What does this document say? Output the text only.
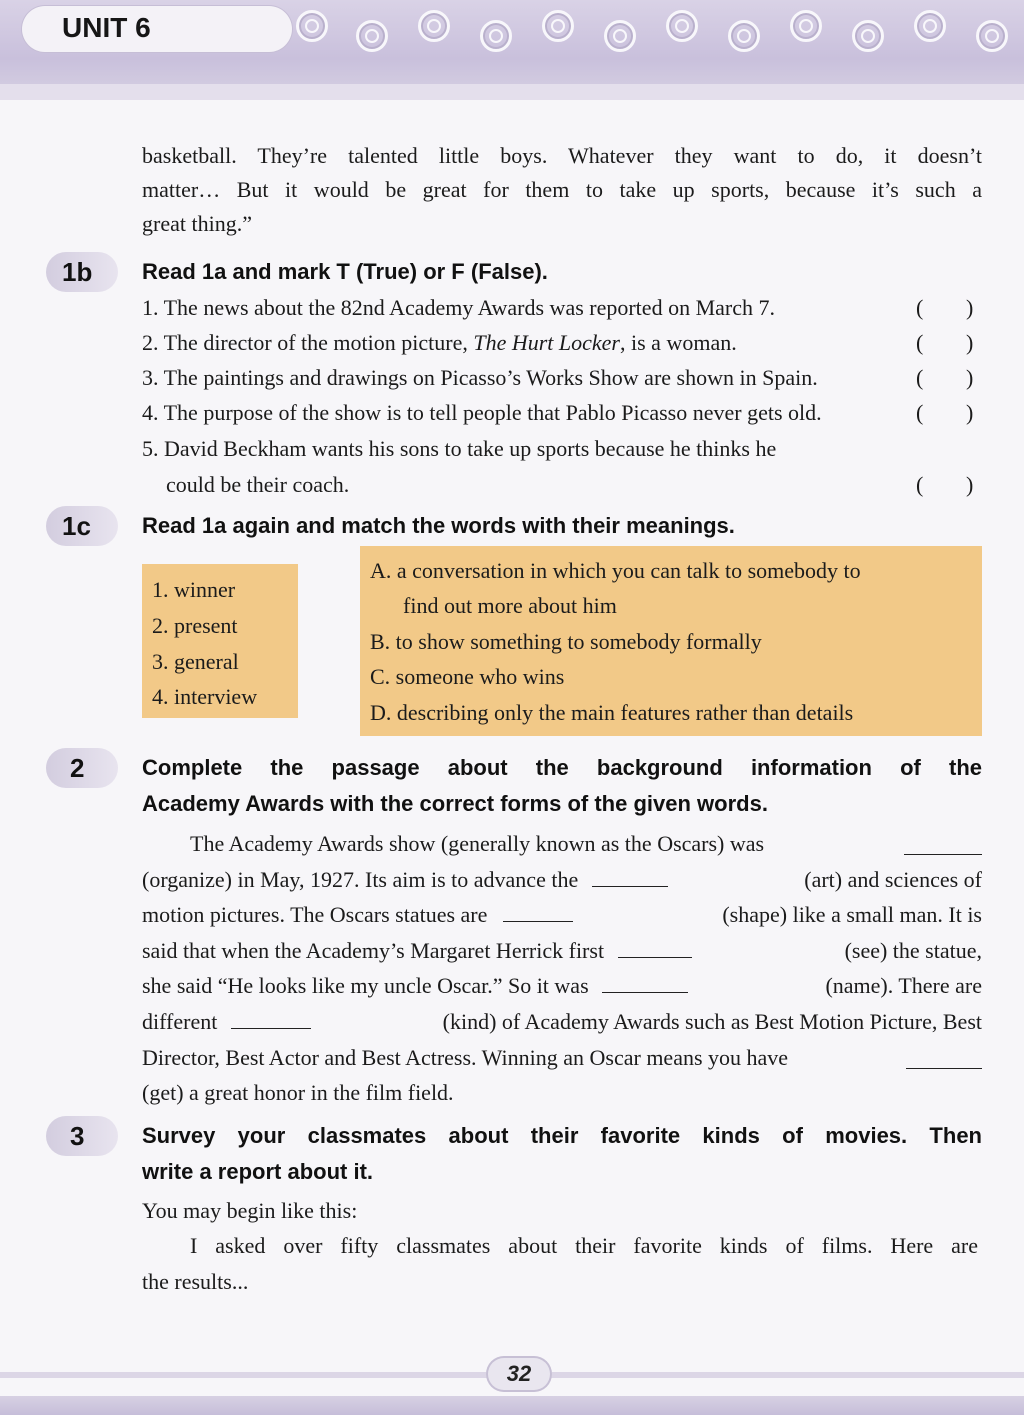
UNIT 6
basketball. They’re talented little boys. Whatever they want to do, it doesn’t
matter… But it would be great for them to take up sports, because it’s such a
great thing.”
1b	Read 1a and mark T (True) or F (False).
1. The news about the 82nd Academy Awards was reported on March 7.	( )
2. The director of the motion picture, The Hurt Locker, is a woman.	( )
3. The paintings and drawings on Picasso’s Works Show are shown in Spain.	( )
4. The purpose of the show is to tell people that Pablo Picasso never gets old.	( )
5. David Beckham wants his sons to take up sports because he thinks he
could be their coach.	( )
1c	Read 1a again and match the words with their meanings.
1. winner
2. present
3. general
4. interview
A. a conversation in which you can talk to somebody to
find out more about him
B. to show something to somebody formally
C. someone who wins
D. describing only the main features rather than details
2	Complete the passage about the background information of the
Academy Awards with the correct forms of the given words.
The Academy Awards show (generally known as the Oscars) was
(organize) in May, 1927. Its aim is to advance the	(art) and sciences of
motion pictures. The Oscars statues are	(shape) like a small man. It is
said that when the Academy’s Margaret Herrick first	(see) the statue,
she said “He looks like my uncle Oscar.” So it was	(name). There are
different	(kind) of Academy Awards such as Best Motion Picture, Best
Director, Best Actor and Best Actress. Winning an Oscar means you have
(get) a great honor in the film field.
3	Survey your classmates about their favorite kinds of movies. Then
write a report about it.
You may begin like this:
I asked over fifty classmates about their favorite kinds of films. Here are
the results...
32
